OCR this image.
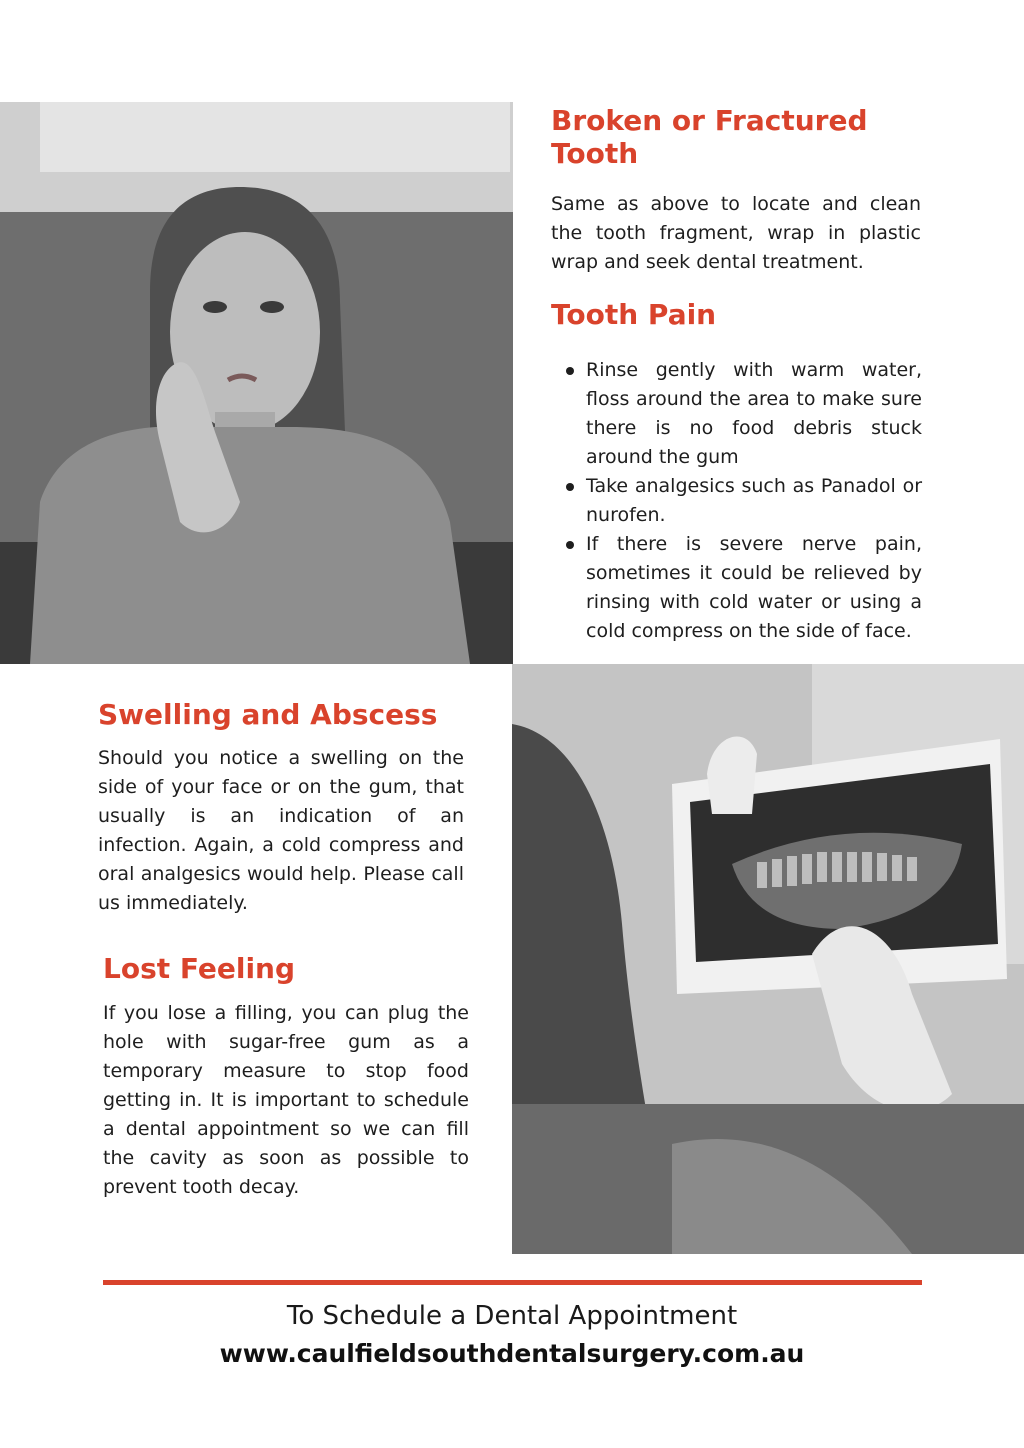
Broken or Fractured Tooth

Same as above to locate and clean the tooth fragment, wrap in plastic wrap and seek dental treatment.

Tooth Pain
Rinse gently with warm water, floss around the area to make sure there is no food debris stuck around the gum
Take analgesics such as Panadol or nurofen.
If there is severe nerve pain, sometimes it could be relieved by rinsing with cold water or using a cold compress on the side of face.
Swelling and Abscess

Should you notice a swelling on the side of your face or on the gum, that usually is an indication of an infection. Again, a cold compress and oral analgesics would help. Please call us immediately.

Lost Feeling

If you lose a filling, you can plug the hole with sugar-free gum as a temporary measure to stop food getting in. It is important to schedule a dental appointment so we can fill the cavity as soon as possible to prevent tooth decay.

To Schedule a Dental Appointment

www.caulfieldsouthdentalsurgery.com.au
